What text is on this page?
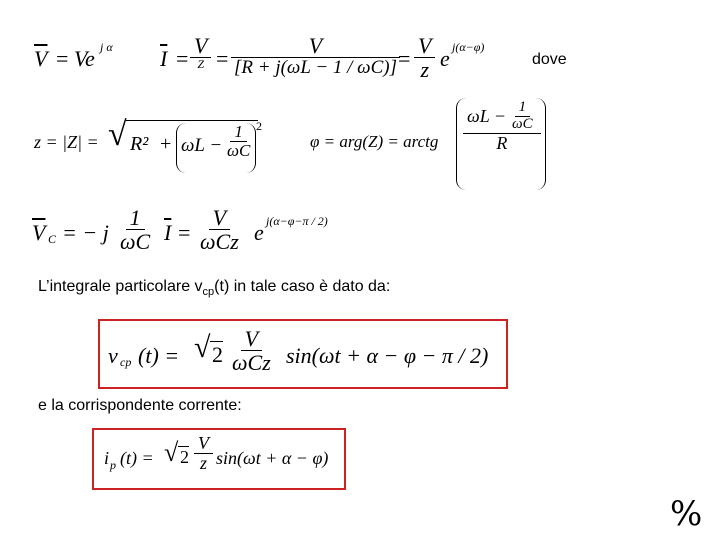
$\overline{V} = Ve$ j α $\overline{I}$ =
V
$Z = \frac{V}{[R + j(\omega L - 1 / \omega C)]}$
= $\frac{V}{z}$ e j(α−φ)
dove
z = |Z| = √ $R^2 + \omega L - \frac{1}{\omega C} 2$
φ = arg(Z) = arctg $\frac{\omega L - \frac{1}{\omega C}}{R}$
$\overline{V}$ C = − j $\frac{1}{\omega C} \overline{I}$ =
V
ωCz e j(α−φ−π / 2)
L’integrale particolare $v_{cp}(t)$ in tale caso è dato da:
v cp (t) = √ 2
V
ωCz sin(ωt + α − φ − π / 2)
e la corrispondente corrente:
i p (t) = √ $2 \frac{V}{z} \sin(\omega t + \alpha - \varphi)$
%
